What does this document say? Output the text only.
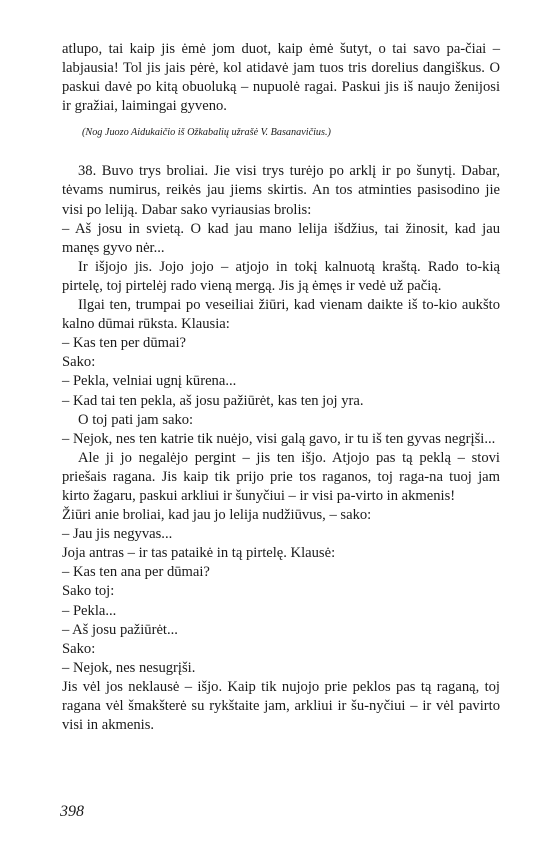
atlupo, tai kaip jis ėmė jom duot, kaip ėmė šutyt, o tai savo pa-čiai – labjausia! Tol jis jais pėrė, kol atidavė jam tuos tris dorelius dangiškus. O paskui davė po kitą obuoluką – nupuolė ragai. Paskui jis iš naujo ženijosi ir gražiai, laimingai gyveno.

(Nog Juozo Aidukaičio iš Ožkabalių užrašė V. Basanavičius.)

38. Buvo trys broliai. Jie visi trys turėjo po arklį ir po šunytį. Dabar, tėvams numirus, reikės jau jiems skirtis. An tos atminties pasisodino jie visi po leliją. Dabar sako vyriausias brolis:

– Aš josu in svietą. O kad jau mano lelija išdžius, tai žinosit, kad jau manęs gyvo nėr...

Ir išjojo jis. Jojo jojo – atjojo in tokį kalnuotą kraštą. Rado to-kią pirtelę, toj pirtelėj rado vieną mergą. Jis ją ėmęs ir vedė už pačią.

Ilgai ten, trumpai po veseiliai žiūri, kad vienam daikte iš to-kio aukšto kalno dūmai rūksta. Klausia:

– Kas ten per dūmai?

Sako:

– Pekla, velniai ugnį kūrena...

– Kad tai ten pekla, aš josu pažiūrėt, kas ten joj yra.

O toj pati jam sako:

– Nejok, nes ten katrie tik nuėjo, visi galą gavo, ir tu iš ten gyvas negrįši...

Ale ji jo negalėjo pergint – jis ten išjo. Atjojo pas tą peklą – stovi priešais ragana. Jis kaip tik prijo prie tos raganos, toj raga-na tuoj jam kirto žagaru, paskui arkliui ir šunyčiui – ir visi pa-virto in akmenis!

Žiūri anie broliai, kad jau jo lelija nudžiūvus, – sako:

– Jau jis negyvas...

Joja antras – ir tas pataikė in tą pirtelę. Klausė:

– Kas ten ana per dūmai?

Sako toj:

– Pekla...

– Aš josu pažiūrėt...

Sako:

– Nejok, nes nesugrįši.

Jis vėl jos neklausė – išjo. Kaip tik nujojo prie peklos pas tą raganą, toj ragana vėl šmakšterė su rykštaite jam, arkliui ir šu-nyčiui – ir vėl pavirto visi in akmenis.

398
